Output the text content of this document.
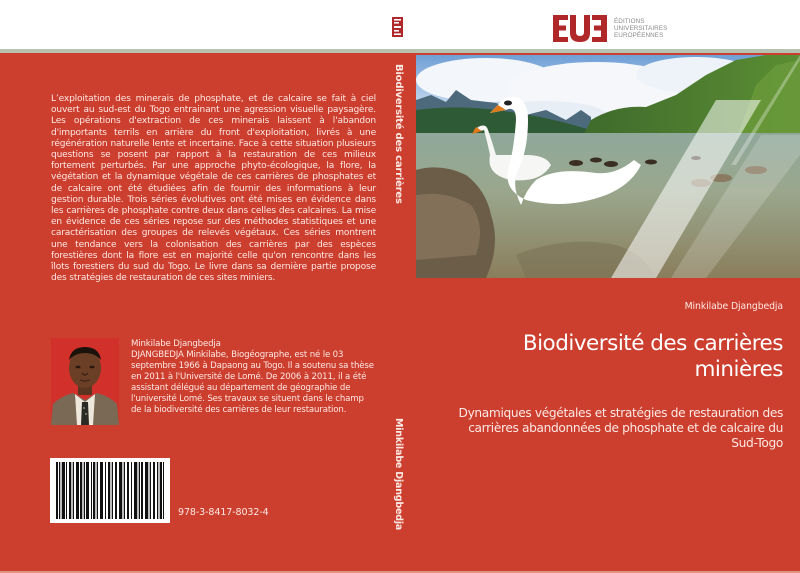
ÉDITIONS
UNIVERSITAIRES
EUROPÉENNES

L’exploitation des minerais de phosphate, et de calcaire se fait à ciel ouvert au sud-est du Togo entrainant une agression visuelle paysagère. Les opérations d'extraction de ces minerais laissent à l'abandon d'importants terrils en arrière du front d'exploitation, livrés à une régénération naturelle lente et incertaine. Face à cette situation plusieurs questions se posent par rapport à la restauration de ces milieux fortement perturbés. Par une approche phyto-écologique, la flore, la végétation et la dynamique végétale de ces carrières de phosphates et de calcaire ont été étudiées afin de fournir des informations à leur gestion durable. Trois séries évolutives ont été mises en évidence dans les carrières de phosphate contre deux dans celles des calcaires. La mise en évidence de ces séries repose sur des méthodes statistiques et une caractérisation des groupes de relevés végétaux. Ces séries montrent une tendance vers la colonisation des carrières par des espèces forestières dont la flore est en majorité celle qu'on rencontre dans les îlots forestiers du sud du Togo. Le livre dans sa dernière partie propose des stratégies de restauration de ces sites miniers.

Minkilabe Djangbedja
DJANGBEDJA Minkilabe, Biogéographe, est né le 03 septembre 1966 à Dapaong au Togo. Il a soutenu sa thèse en 2011 à l'Université de Lomé. De 2006 à 2011, il a été assistant délégué au département de géographie de l'université Lomé. Ses travaux se situent dans le champ de la biodiversité des carrières de leur restauration.
978-3-8417-8032-4
Biodiversité des carrières
Minkilabe Djangbedja
Minkilabe Djangbedja
Biodiversité des carrières minières

Dynamiques végétales et stratégies de restauration des carrières abandonnées de phosphate et de calcaire du Sud-Togo
